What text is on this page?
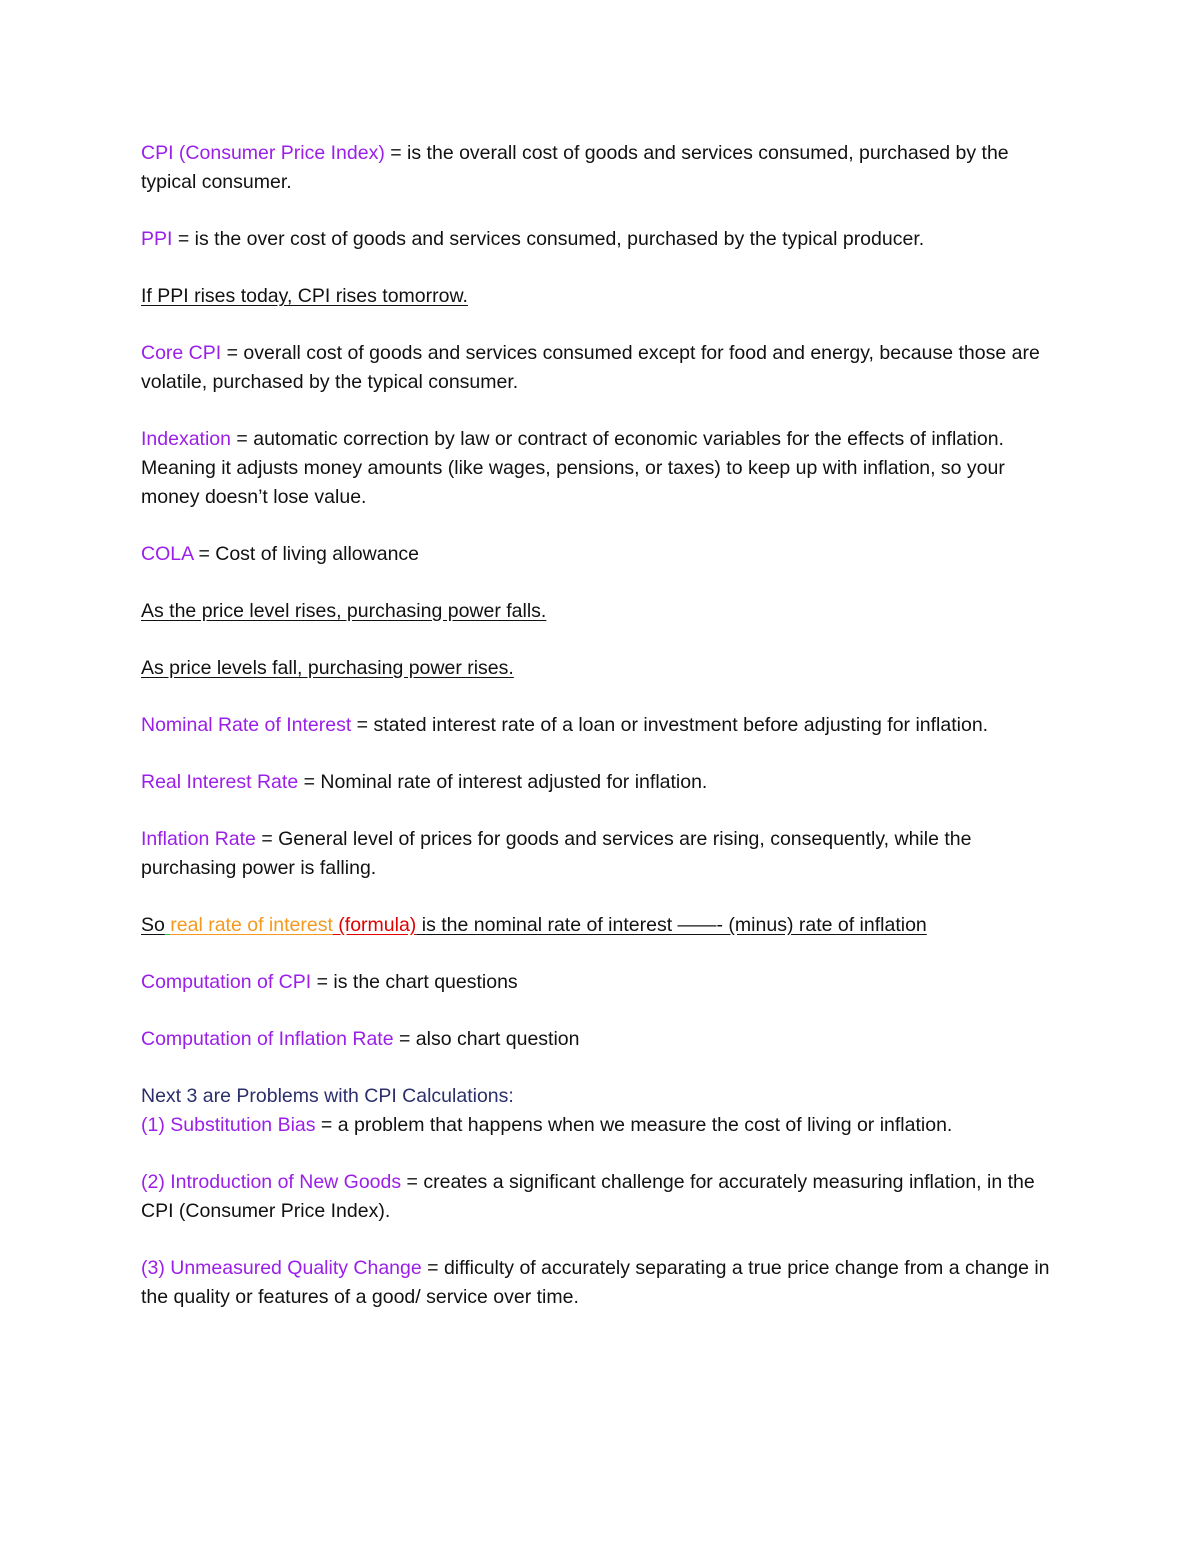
CPI (Consumer Price Index) = is the overall cost of goods and services consumed, purchased by the typical consumer.

PPI = is the over cost of goods and services consumed, purchased by the typical producer.

If PPI rises today, CPI rises tomorrow.

Core CPI = overall cost of goods and services consumed except for food and energy, because those are volatile, purchased by the typical consumer.

Indexation = automatic correction by law or contract of economic variables for the effects of inflation. Meaning it adjusts money amounts (like wages, pensions, or taxes) to keep up with inflation, so your money doesn’t lose value.

COLA = Cost of living allowance

As the price level rises, purchasing power falls.

As price levels fall, purchasing power rises.

Nominal Rate of Interest = stated interest rate of a loan or investment before adjusting for inflation.

Real Interest Rate = Nominal rate of interest adjusted for inflation.

Inflation Rate = General level of prices for goods and services are rising, consequently, while the purchasing power is falling.

So real rate of interest (formula) is the nominal rate of interest ——- (minus) rate of inflation

Computation of CPI = is the chart questions

Computation of Inflation Rate = also chart question

Next 3 are Problems with CPI Calculations:

(1) Substitution Bias = a problem that happens when we measure the cost of living or inflation.

(2) Introduction of New Goods = creates a significant challenge for accurately measuring inflation, in the CPI (Consumer Price Index).

(3) Unmeasured Quality Change = difficulty of accurately separating a true price change from a change in the quality or features of a good/ service over time.
